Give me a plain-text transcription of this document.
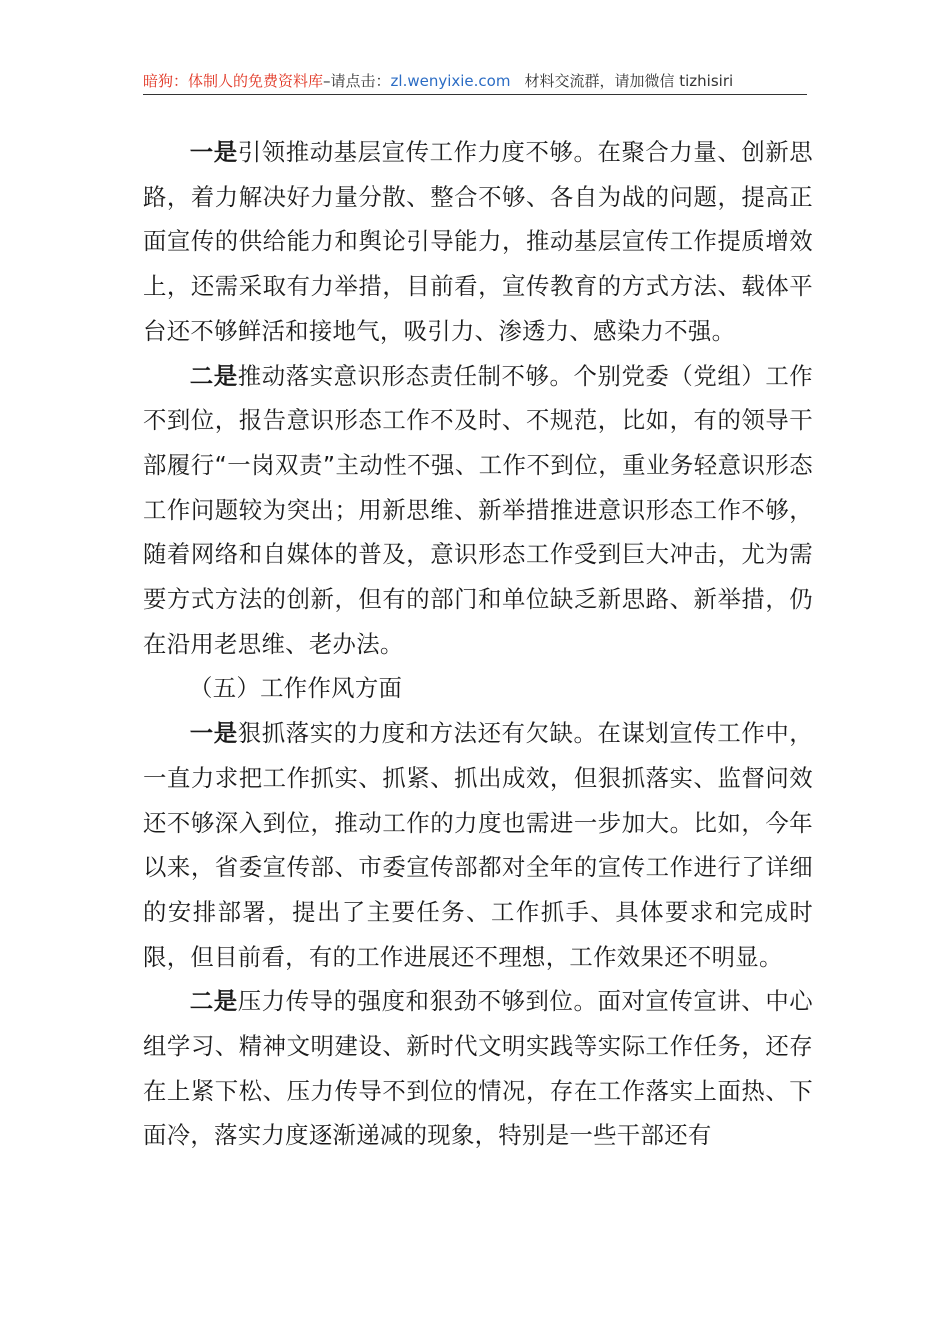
暗狗：体制人的免费资料库–请点击：zl.wenyixie.com 材料交流群，请加微信 tizhisiri

一是引领推动基层宣传工作力度不够。在聚合力量、创新思路，着力解决好力量分散、整合不够、各自为战的问题，提高正面宣传的供给能力和舆论引导能力，推动基层宣传工作提质增效上，还需采取有力举措，目前看，宣传教育的方式方法、载体平台还不够鲜活和接地气，吸引力、渗透力、感染力不强。

二是推动落实意识形态责任制不够。个别党委（党组）工作不到位，报告意识形态工作不及时、不规范，比如，有的领导干部履行“一岗双责”主动性不强、工作不到位，重业务轻意识形态工作问题较为突出；用新思维、新举措推进意识形态工作不够，随着网络和自媒体的普及，意识形态工作受到巨大冲击，尤为需要方式方法的创新，但有的部门和单位缺乏新思路、新举措，仍在沿用老思维、老办法。

（五）工作作风方面

一是狠抓落实的力度和方法还有欠缺。在谋划宣传工作中，一直力求把工作抓实、抓紧、抓出成效，但狠抓落实、监督问效还不够深入到位，推动工作的力度也需进一步加大。比如，今年以来，省委宣传部、市委宣传部都对全年的宣传工作进行了详细的安排部署，提出了主要任务、工作抓手、具体要求和完成时限，但目前看，有的工作进展还不理想，工作效果还不明显。

二是压力传导的强度和狠劲不够到位。面对宣传宣讲、中心组学习、精神文明建设、新时代文明实践等实际工作任务，还存在上紧下松、压力传导不到位的情况，存在工作落实上面热、下面冷，落实力度逐渐递减的现象，特别是一些干部还有
